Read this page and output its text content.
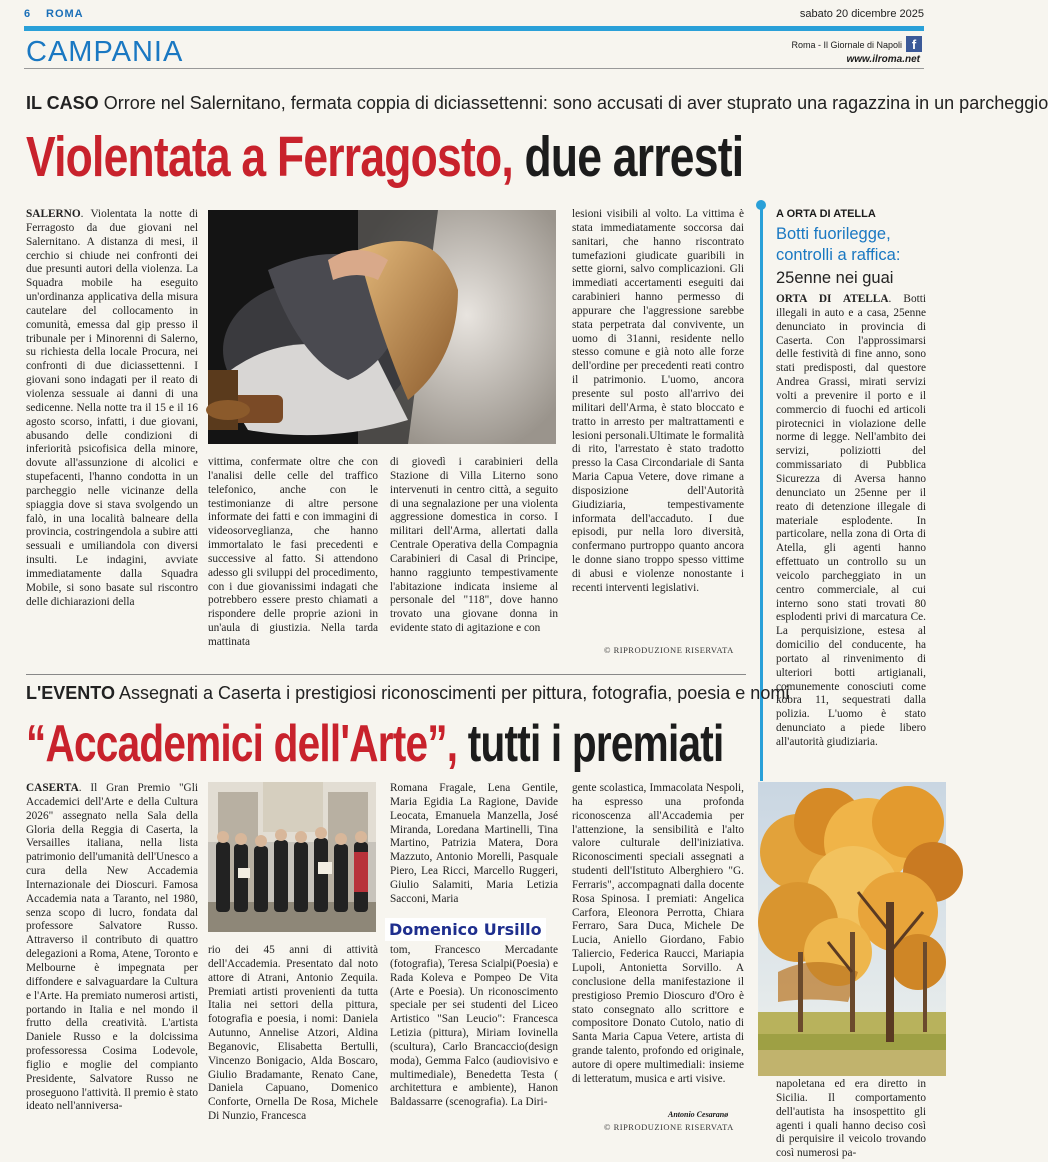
6 ROMA	sabato 20 dicembre 2025
CAMPANIA	Roma - Il Giornale di Napoli f
www.ilroma.net
IL CASO Orrore nel Salernitano, fermata coppia di diciassettenni: sono accusati di aver stuprato una ragazzina in un parcheggio
Violentata a Ferragosto, due arresti
SALERNO. Violentata la notte di Ferragosto da due giovani nel Salernitano. A distanza di mesi, il cerchio si chiude nei confronti dei due presunti autori della violenza. La Squadra mobile ha eseguito un'ordinanza applicativa della misura cautelare del collocamento in comunità, emessa dal gip presso il tribunale per i Minorenni di Salerno, su richiesta della locale Procura, nei confronti di due diciassettenni. I giovani sono indagati per il reato di violenza sessuale ai danni di una sedicenne. Nella notte tra il 15 e il 16 agosto scorso, infatti, i due giovani, abusando delle condizioni di inferiorità psicofisica della minore, dovute all'assunzione di alcolici e stupefacenti, l'hanno condotta in un parcheggio nelle vicinanze della spiaggia dove si stava svolgendo un falò, in una località balneare della provincia, costringendola a subire atti sessuali e umiliandola con diversi insulti. Le indagini, avviate immediatamente dalla Squadra Mobile, si sono basate sul riscontro delle dichiarazioni della
vittima, confermate oltre che con l'analisi delle celle del traffico telefonico, anche con le testimonianze di altre persone informate dei fatti e con immagini di videosorveglianza, che hanno immortalato le fasi precedenti e successive al fatto. Si attendono adesso gli sviluppi del procedimento, con i due giovanissimi indagati che potrebbero essere presto chiamati a rispondere delle proprie azioni in un'aula di giustizia. Nella tarda mattinata
di giovedì i carabinieri della Stazione di Villa Literno sono intervenuti in centro città, a seguito di una segnalazione per una violenta aggressione domestica in corso. I militari dell'Arma, allertati dalla Centrale Operativa della Compagnia Carabinieri di Casal di Principe, hanno raggiunto tempestivamente l'abitazione indicata insieme al personale del "118", dove hanno trovato una giovane donna in evidente stato di agitazione e con
lesioni visibili al volto. La vittima è stata immediatamente soccorsa dai sanitari, che hanno riscontrato tumefazioni giudicate guaribili in sette giorni, salvo complicazioni. Gli immediati accertamenti eseguiti dai carabinieri hanno permesso di appurare che l'aggressione sarebbe stata perpetrata dal convivente, un uomo di 31anni, residente nello stesso comune e già noto alle forze dell'ordine per precedenti reati contro il patrimonio. L'uomo, ancora presente sul posto all'arrivo dei militari dell'Arma, è stato bloccato e tratto in arresto per maltrattamenti e lesioni personali.Ultimate le formalità di rito, l'arrestato è stato tradotto presso la Casa Circondariale di Santa Maria Capua Vetere, dove rimane a disposizione dell'Autorità Giudiziaria, tempestivamente informata dell'accaduto. I due episodi, pur nella loro diversità, confermano purtroppo quanto ancora le donne siano troppo spesso vittime di abusi e violenze nonostante i recenti interventi legislativi.
© RIPRODUZIONE RISERVATA
A ORTA DI ATELLA
Botti fuorilegge, controlli a raffica:
25enne nei guai
ORTA DI ATELLA. Botti illegali in auto e a casa, 25enne denunciato in provincia di Caserta. Con l'approssimarsi delle festività di fine anno, sono stati predisposti, dal questore Andrea Grassi, mirati servizi volti a prevenire il porto e il commercio di fuochi ed articoli pirotecnici in violazione delle norme di legge. Nell'ambito dei servizi, poliziotti del commissariato di Pubblica Sicurezza di Aversa hanno denunciato un 25enne per il reato di detenzione illegale di materiale esplodente. In particolare, nella zona di Orta di Atella, gli agenti hanno effettuato un controllo su un veicolo parcheggiato in un centro commerciale, al cui interno sono stati trovati 80 esplodenti privi di marcatura Ce. La perquisizione, estesa al domicilio del conducente, ha portato al rinvenimento di ulteriori botti artigianali, comunemente conosciuti come kobra 11, sequestrati dalla polizia. L'uomo è stato denunciato a piede libero all'autorità giudiziaria.
napoletana ed era diretto in Sicilia. Il comportamento dell'autista ha insospettito gli agenti i quali hanno deciso così di perquisire il veicolo trovando così numerosi pa-
L'EVENTO Assegnati a Caserta i prestigiosi riconoscimenti per pittura, fotografia, poesia e nomi
“Accademici dell'Arte”, tutti i premiati
CASERTA. Il Gran Premio "Gli Accademici dell'Arte e della Cultura 2026" assegnato nella Sala della Gloria della Reggia di Caserta, la Versailles italiana, nella lista patrimonio dell'umanità dell'Unesco a cura della New Accademia Internazionale dei Dioscuri. Famosa Accademia nata a Taranto, nel 1980, senza scopo di lucro, fondata dal professore Salvatore Russo. Attraverso il contributo di quattro delegazioni a Roma, Atene, Toronto e Melbourne è impegnata per diffondere e salvaguardare la Cultura e l'Arte. Ha premiato numerosi artisti, portando in Italia e nel mondo il frutto della creatività. L'artista Daniele Russo e la dolcissima professoressa Cosima Lodevole, figlio e moglie del compianto Presidente, Salvatore Russo ne proseguono l'attività. Il premio è stato ideato nell'anniversa-
rio dei 45 anni di attività dell'Accademia. Presentato dal noto attore di Atrani, Antonio Zequila. Premiati artisti provenienti da tutta Italia nei settori della pittura, fotografia e poesia, i nomi: Daniela Autunno, Annelise Atzori, Aldina Beganovic, Elisabetta Bertulli, Vincenzo Bonigacio, Alda Boscaro, Giulio Bradamante, Renato Cane, Daniela Capuano, Domenico Conforte, Ornella De Rosa, Michele Di Nunzio, Francesca
Romana Fragale, Lena Gentile, Maria Egidia La Ragione, Davide Leocata, Emanuela Manzella, José Miranda, Loredana Martinelli, Tina Martino, Patrizia Matera, Dora Mazzuto, Antonio Morelli, Pasquale Piero, Lea Ricci, Marcello Ruggeri, Giulio Salamiti, Maria Letizia Sacconi, Maria
Domenico Ursillo
tom, Francesco Mercadante (fotografia), Teresa Scialpi(Poesia) e Rada Koleva e Pompeo De Vita (Arte e Poesia). Un riconoscimento speciale per sei studenti del Liceo Artistico "San Leucio": Francesca Letizia (pittura), Miriam Iovinella (scultura), Carlo Brancaccio(design moda), Gemma Falco (audiovisivo e multimediale), Benedetta Testa ( architettura e ambiente), Hanon Baldassarre (scenografia). La Diri-
gente scolastica, Immacolata Nespoli, ha espresso una profonda riconoscenza all'Accademia per l'attenzione, la sensibilità e l'alto valore culturale dell'iniziativa. Riconoscimenti speciali assegnati a studenti dell'Istituto Alberghiero "G. Ferraris", accompagnati dalla docente Rosa Spinosa. I premiati: Angelica Carfora, Eleonora Perrotta, Chiara Ferraro, Sara Duca, Michele De Lucia, Aniello Giordano, Fabio Taliercio, Federica Raucci, Mariapia Lupoli, Antonietta Sorvillo. A conclusione della manifestazione il prestigioso Premio Dioscuro d'Oro è stato consegnato allo scrittore e compositore Donato Cutolo, natio di Santa Maria Capua Vetere, artista di grande talento, profondo ed originale, autore di opere multimediali: insieme di letteratum, musica e arti visive.
Antonio Cesaranø
© RIPRODUZIONE RISERVATA
